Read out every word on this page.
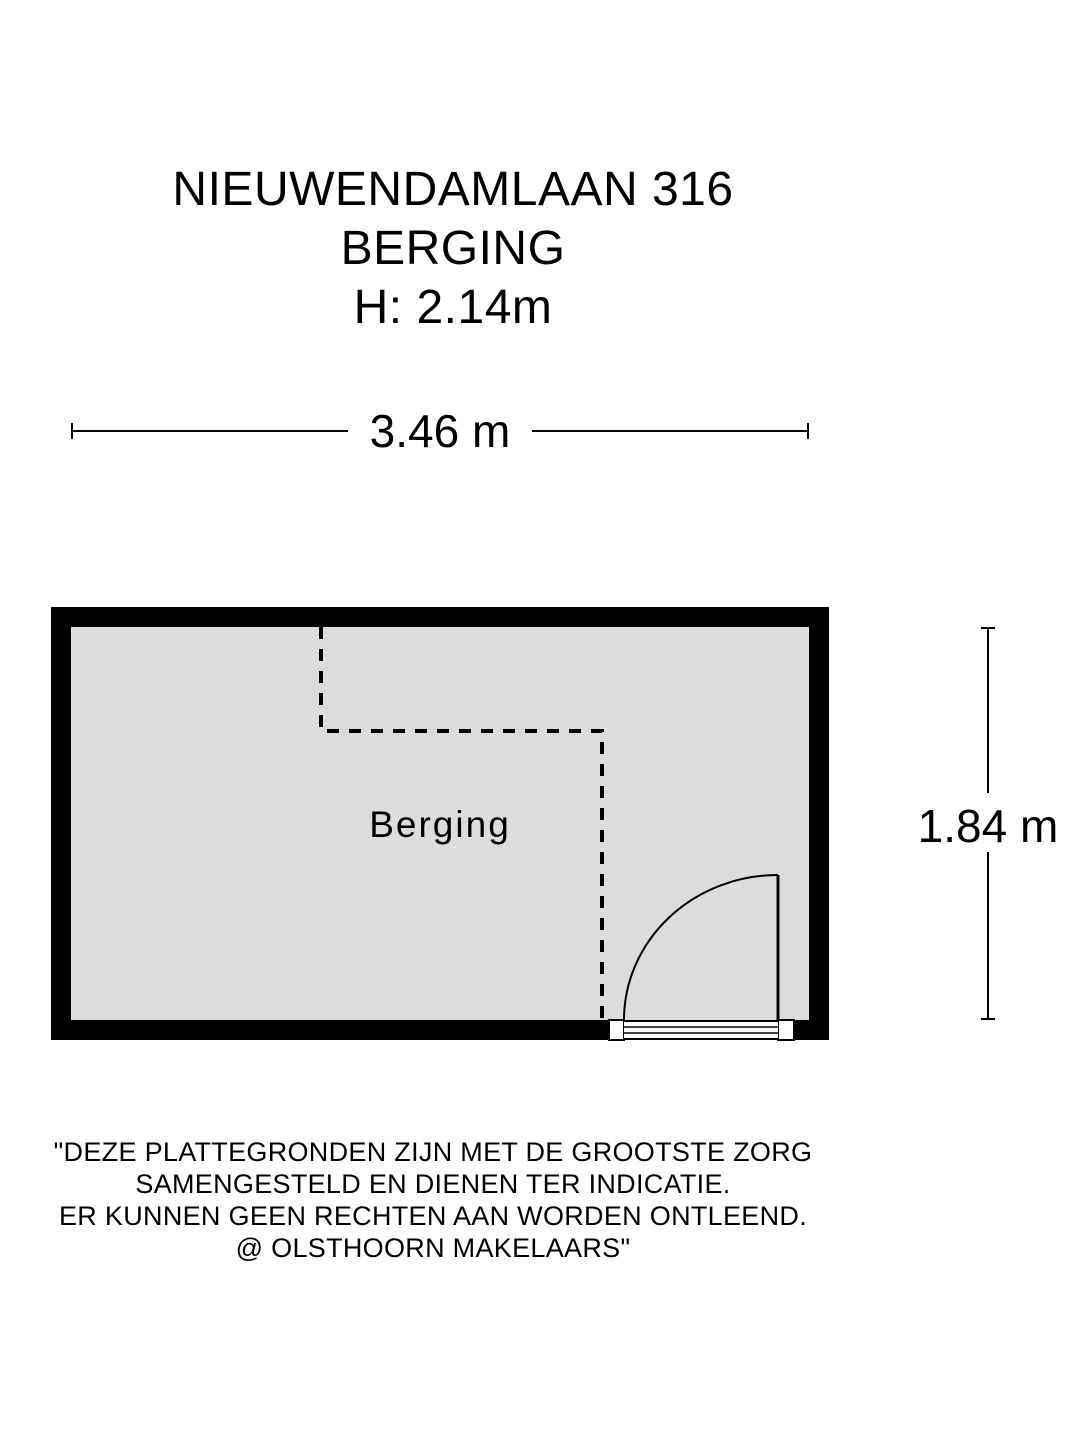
NIEUWENDAMLAAN 316
BERGING
H: 2.14m
3.46 m
1.84 m
Berging
"DEZE PLATTEGRONDEN ZIJN MET DE GROOTSTE ZORG
SAMENGESTELD EN DIENEN TER INDICATIE.
ER KUNNEN GEEN RECHTEN AAN WORDEN ONTLEEND.
@ OLSTHOORN MAKELAARS"
